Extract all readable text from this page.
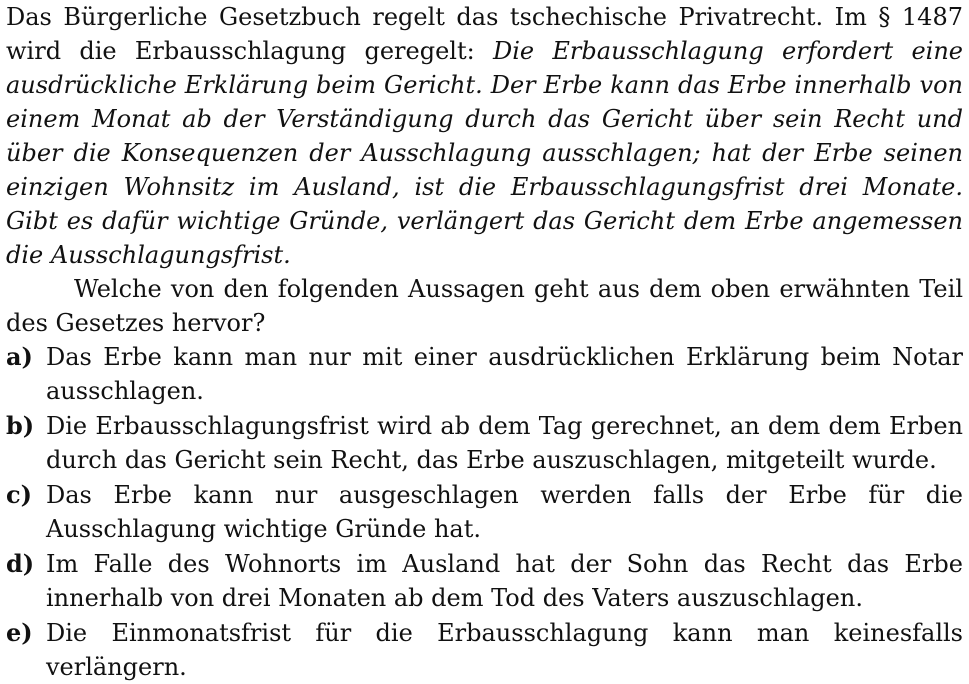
Das Bürgerliche Gesetzbuch regelt das tschechische Privatrecht. Im § 1487 wird die Erbausschlagung geregelt: Die Erbausschlagung erfordert eine ausdrückliche Erklärung beim Gericht. Der Erbe kann das Erbe innerhalb von einem Monat ab der Verständigung durch das Gericht über sein Recht und über die Konsequenzen der Ausschlagung ausschlagen; hat der Erbe seinen einzigen Wohnsitz im Ausland, ist die Erbausschlagungsfrist drei Monate. Gibt es dafür wichtige Gründe, verlängert das Gericht dem Erbe angemessen die Ausschlagungsfrist.

Welche von den folgenden Aussagen geht aus dem oben erwähnten Teil des Gesetzes hervor?

a) Das Erbe kann man nur mit einer ausdrücklichen Erklärung beim Notar ausschlagen.
b) Die Erbausschlagungsfrist wird ab dem Tag gerechnet, an dem dem Erben durch das Gericht sein Recht, das Erbe auszuschlagen, mitgeteilt wurde.
c) Das Erbe kann nur ausgeschlagen werden falls der Erbe für die Ausschlagung wichtige Gründe hat.
d) Im Falle des Wohnorts im Ausland hat der Sohn das Recht das Erbe innerhalb von drei Monaten ab dem Tod des Vaters auszuschlagen.
e) Die Einmonatsfrist für die Erbausschlagung kann man keinesfalls verlängern.
